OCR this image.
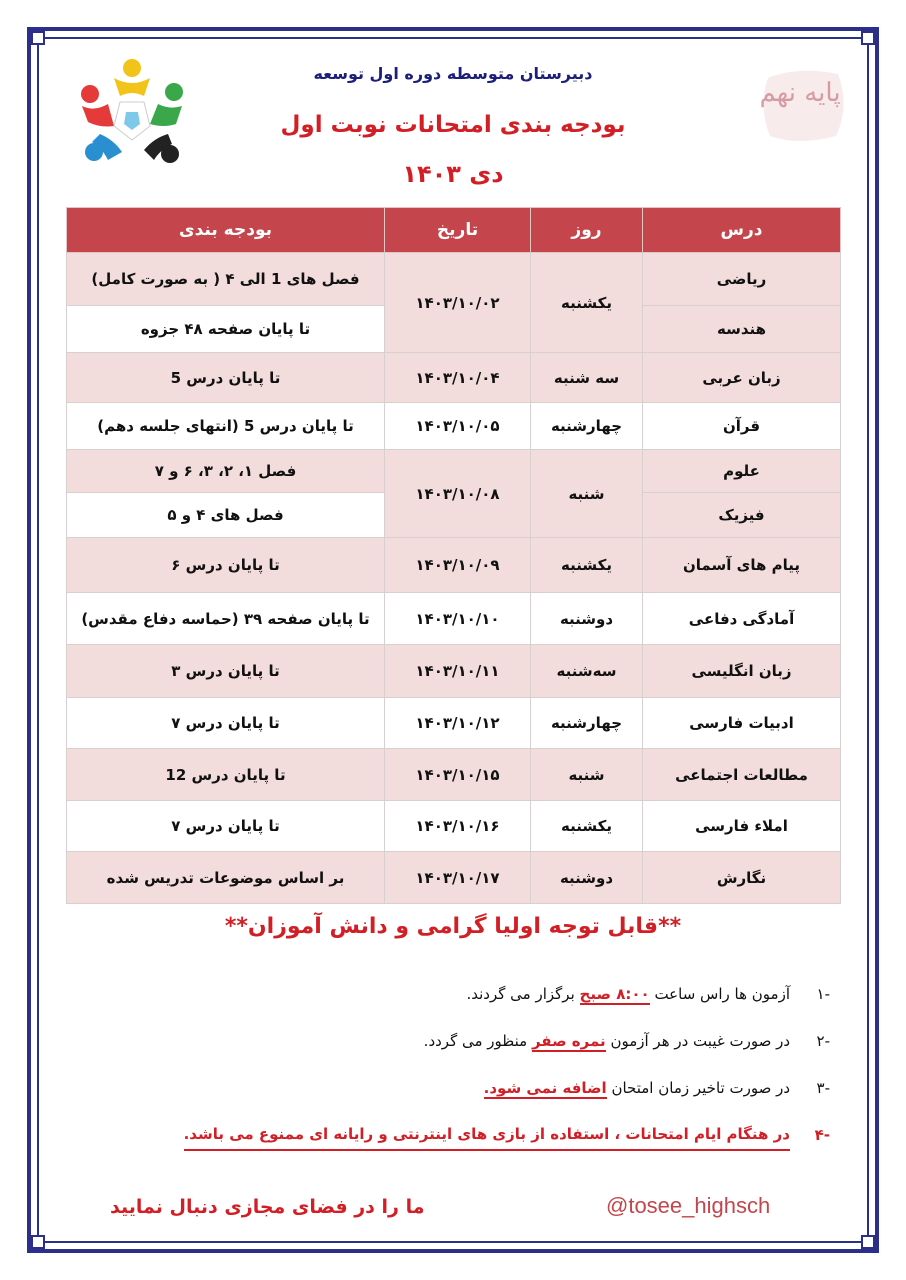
پایه نهم
دبیرستان متوسطه دوره اول توسعه
بودجه بندی امتحانات نوبت اول
دی ۱۴۰۳
درس	روز	تاریخ	بودجه بندی
ریاضی	یکشنبه	۱۴۰۳/۱۰/۰۲	فصل های 1 الی ۴ ( به صورت کامل)
هندسه			تا پایان صفحه ۴۸ جزوه
زبان عربی	سه شنبه	۱۴۰۳/۱۰/۰۴	تا پایان درس 5
قرآن	چهارشنبه	۱۴۰۳/۱۰/۰۵	تا پایان درس 5 (انتهای جلسه دهم)
علوم	شنبه	۱۴۰۳/۱۰/۰۸	فصل ۱، ۲، ۳، ۶ و ۷
فیزیک			فصل های ۴ و ۵
پیام های آسمان	یکشنبه	۱۴۰۳/۱۰/۰۹	تا پایان درس ۶
آمادگی دفاعی	دوشنبه	۱۴۰۳/۱۰/۱۰	تا پایان صفحه ۳۹ (حماسه دفاع مقدس)
زبان انگلیسی	سه‌شنبه	۱۴۰۳/۱۰/۱۱	تا پایان درس ۳
ادبیات فارسی	چهارشنبه	۱۴۰۳/۱۰/۱۲	تا پایان درس ۷
مطالعات اجتماعی	شنبه	۱۴۰۳/۱۰/۱۵	تا پایان درس 12
املاء فارسی	یکشنبه	۱۴۰۳/۱۰/۱۶	تا پایان درس ۷
نگارش	دوشنبه	۱۴۰۳/۱۰/۱۷	بر اساس موضوعات تدریس شده
**قابل توجه اولیا گرامی و دانش آموزان**
-۱
آزمون ها راس ساعت ۸:۰۰ صبح برگزار می گردند.
-۲
در صورت غیبت در هر آزمون نمره صفر منظور می گردد.
-۳
در صورت تاخیر زمان امتحان اضافه نمی شود.
-۴
در هنگام ایام امتحانات ، استفاده از بازی های اینترنتی و رایانه ای ممنوع می باشد.
ما را در فضای مجازی دنبال نمایید	@tosee_highsch
